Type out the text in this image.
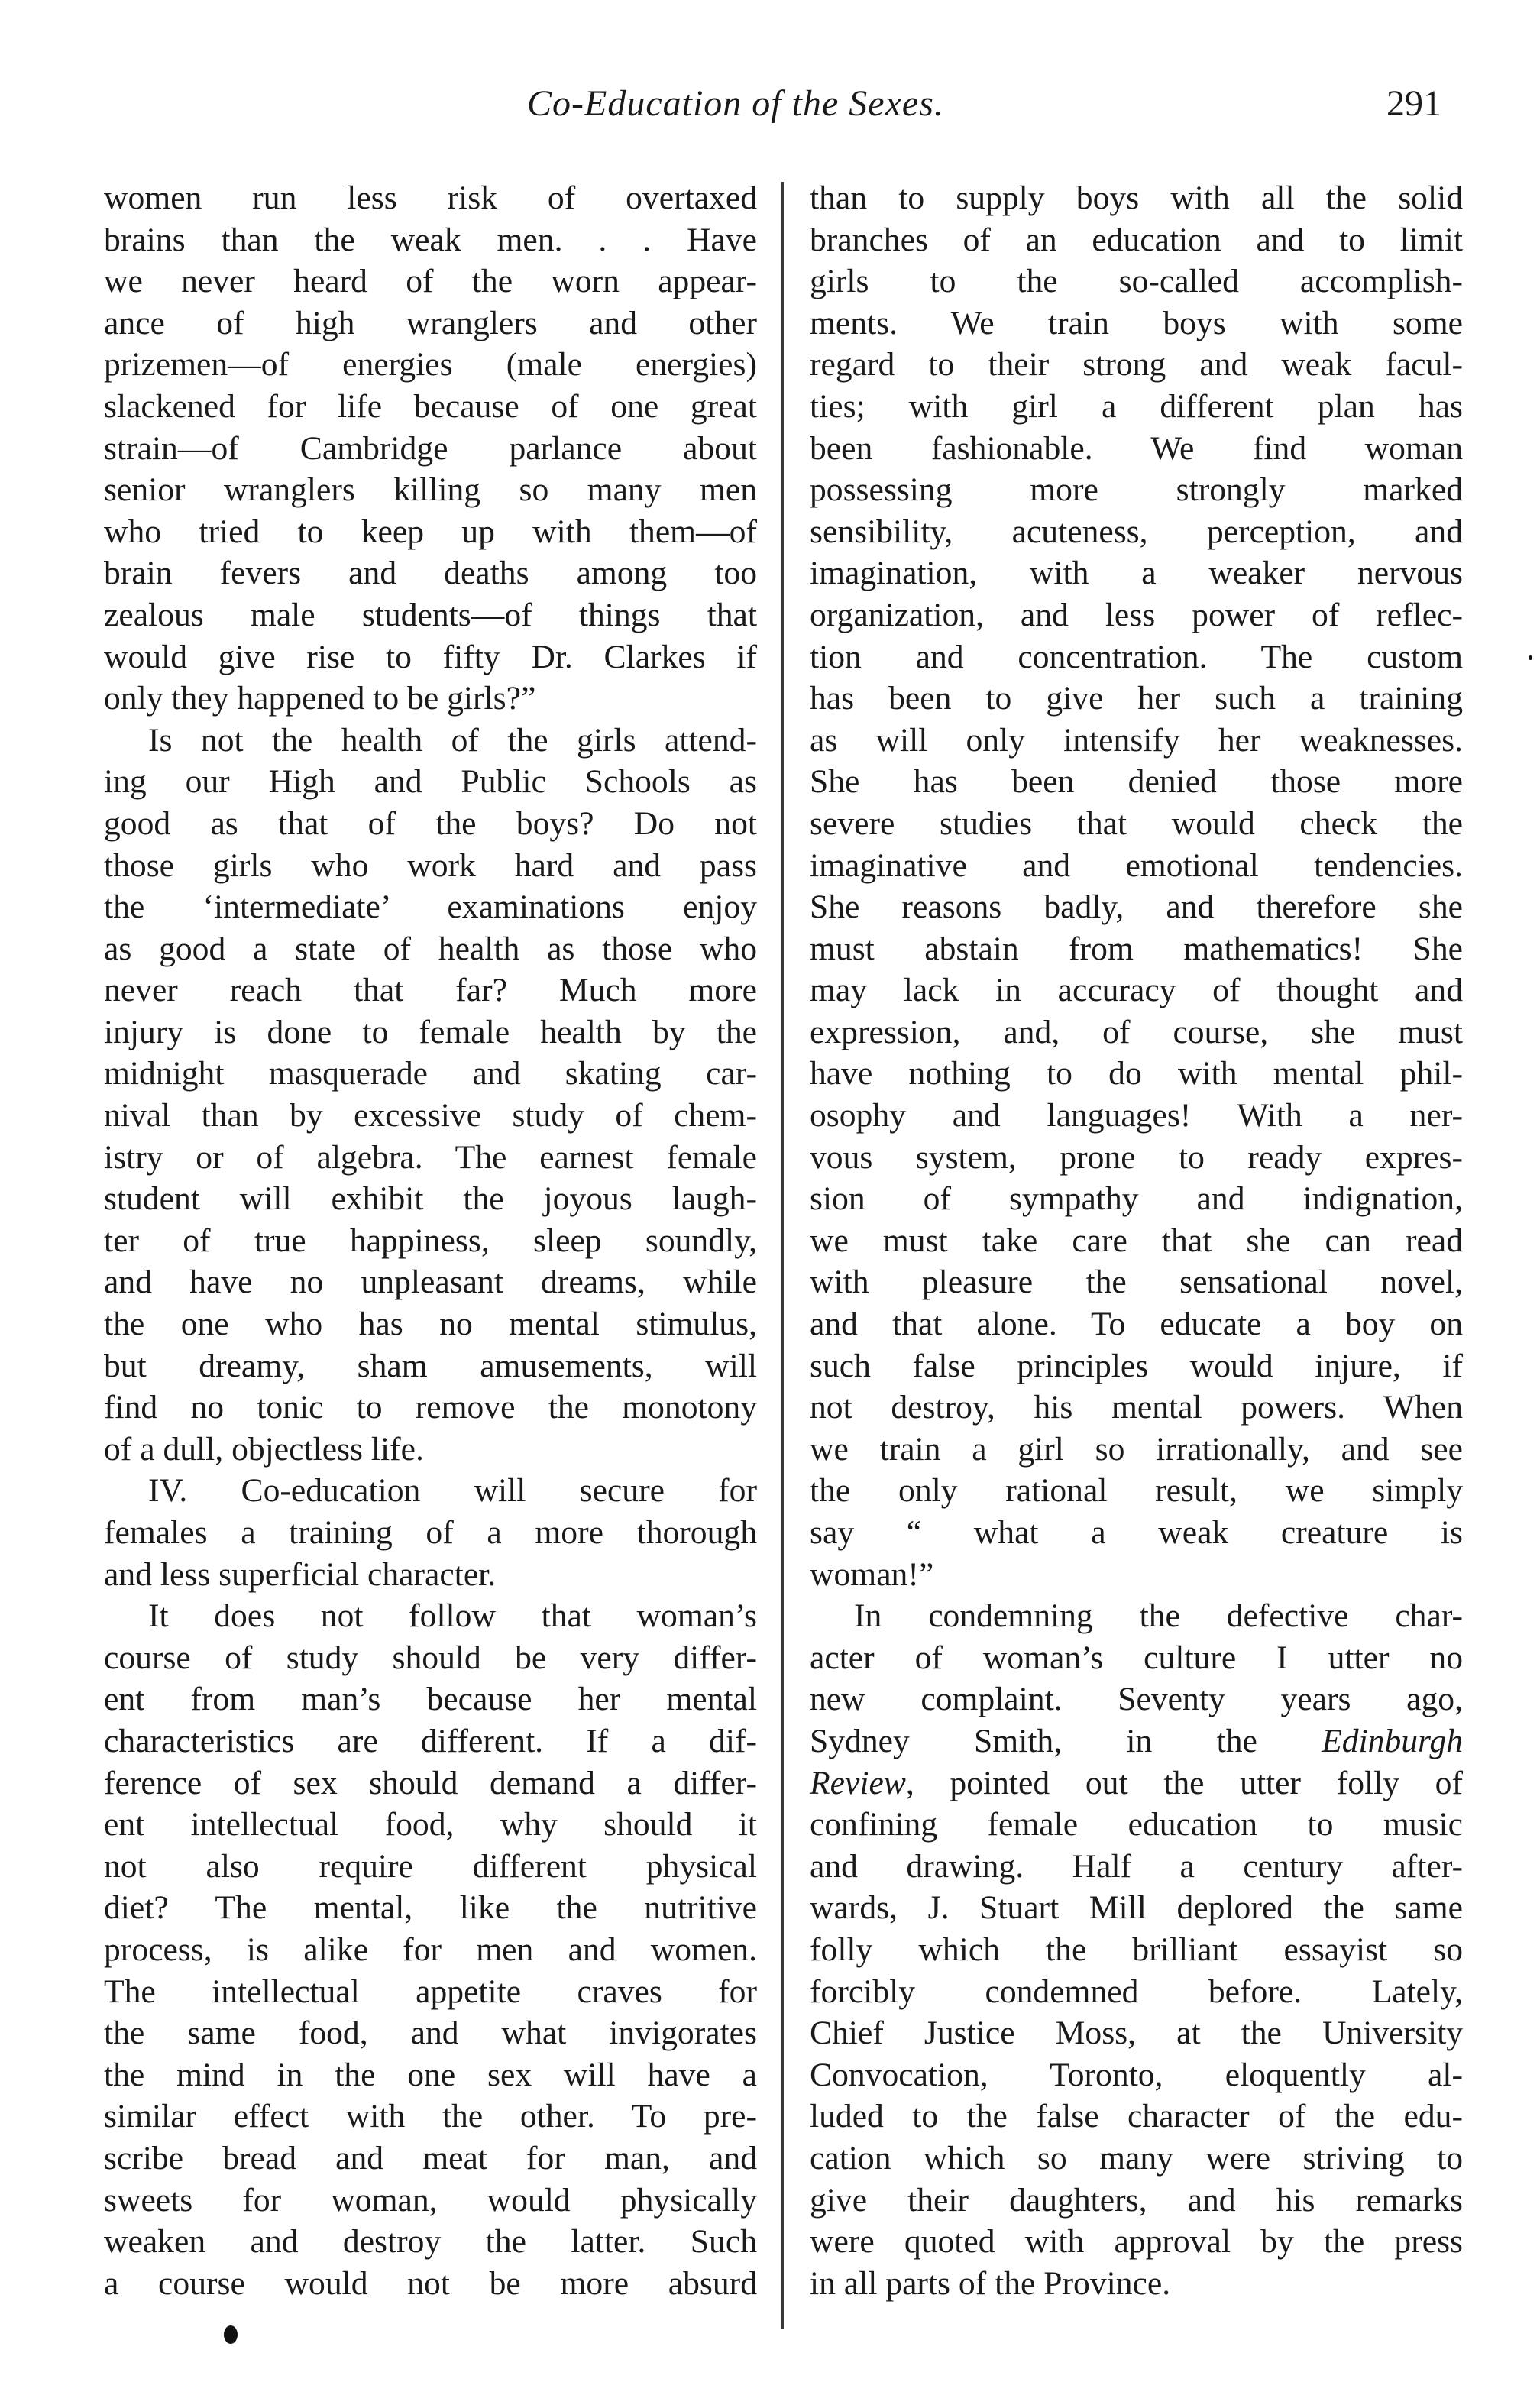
Co-Education of the Sexes.	291
women run less risk of overtaxed
brains than the weak men. . . Have
we never heard of the worn appear-
ance of high wranglers and other
prizemen—of energies (male energies)
slackened for life because of one great
strain—of Cambridge parlance about
senior wranglers killing so many men
who tried to keep up with them—of
brain fevers and deaths among too
zealous male students—of things that
would give rise to fifty Dr. Clarkes if
only they happened to be girls?”
Is not the health of the girls attend-
ing our High and Public Schools as
good as that of the boys? Do not
those girls who work hard and pass
the ‘intermediate’ examinations enjoy
as good a state of health as those who
never reach that far? Much more
injury is done to female health by the
midnight masquerade and skating car-
nival than by excessive study of chem-
istry or of algebra. The earnest female
student will exhibit the joyous laugh-
ter of true happiness, sleep soundly,
and have no unpleasant dreams, while
the one who has no mental stimulus,
but dreamy, sham amusements, will
find no tonic to remove the monotony
of a dull, objectless life.
IV. Co-education will secure for
females a training of a more thorough
and less superficial character.
It does not follow that woman’s
course of study should be very differ-
ent from man’s because her mental
characteristics are different. If a dif-
ference of sex should demand a differ-
ent intellectual food, why should it
not also require different physical
diet? The mental, like the nutritive
process, is alike for men and women.
The intellectual appetite craves for
the same food, and what invigorates
the mind in the one sex will have a
similar effect with the other. To pre-
scribe bread and meat for man, and
sweets for woman, would physically
weaken and destroy the latter. Such
a course would not be more absurd
than to supply boys with all the solid
branches of an education and to limit
girls to the so-called accomplish-
ments. We train boys with some
regard to their strong and weak facul-
ties; with girl a different plan has
been fashionable. We find woman
possessing more strongly marked
sensibility, acuteness, perception, and
imagination, with a weaker nervous
organization, and less power of reflec-
tion and concentration. The custom
has been to give her such a training
as will only intensify her weaknesses.
She has been denied those more
severe studies that would check the
imaginative and emotional tendencies.
She reasons badly, and therefore she
must abstain from mathematics! She
may lack in accuracy of thought and
expression, and, of course, she must
have nothing to do with mental phil-
osophy and languages! With a ner-
vous system, prone to ready expres-
sion of sympathy and indignation,
we must take care that she can read
with pleasure the sensational novel,
and that alone. To educate a boy on
such false principles would injure, if
not destroy, his mental powers. When
we train a girl so irrationally, and see
the only rational result, we simply
say “ what a weak creature is
woman!”
In condemning the defective char-
acter of woman’s culture I utter no
new complaint. Seventy years ago,
Sydney Smith, in the Edinburgh
Review, pointed out the utter folly of
confining female education to music
and drawing. Half a century after-
wards, J. Stuart Mill deplored the same
folly which the brilliant essayist so
forcibly condemned before. Lately,
Chief Justice Moss, at the University
Convocation, Toronto, eloquently al-
luded to the false character of the edu-
cation which so many were striving to
give their daughters, and his remarks
were quoted with approval by the press
in all parts of the Province.
